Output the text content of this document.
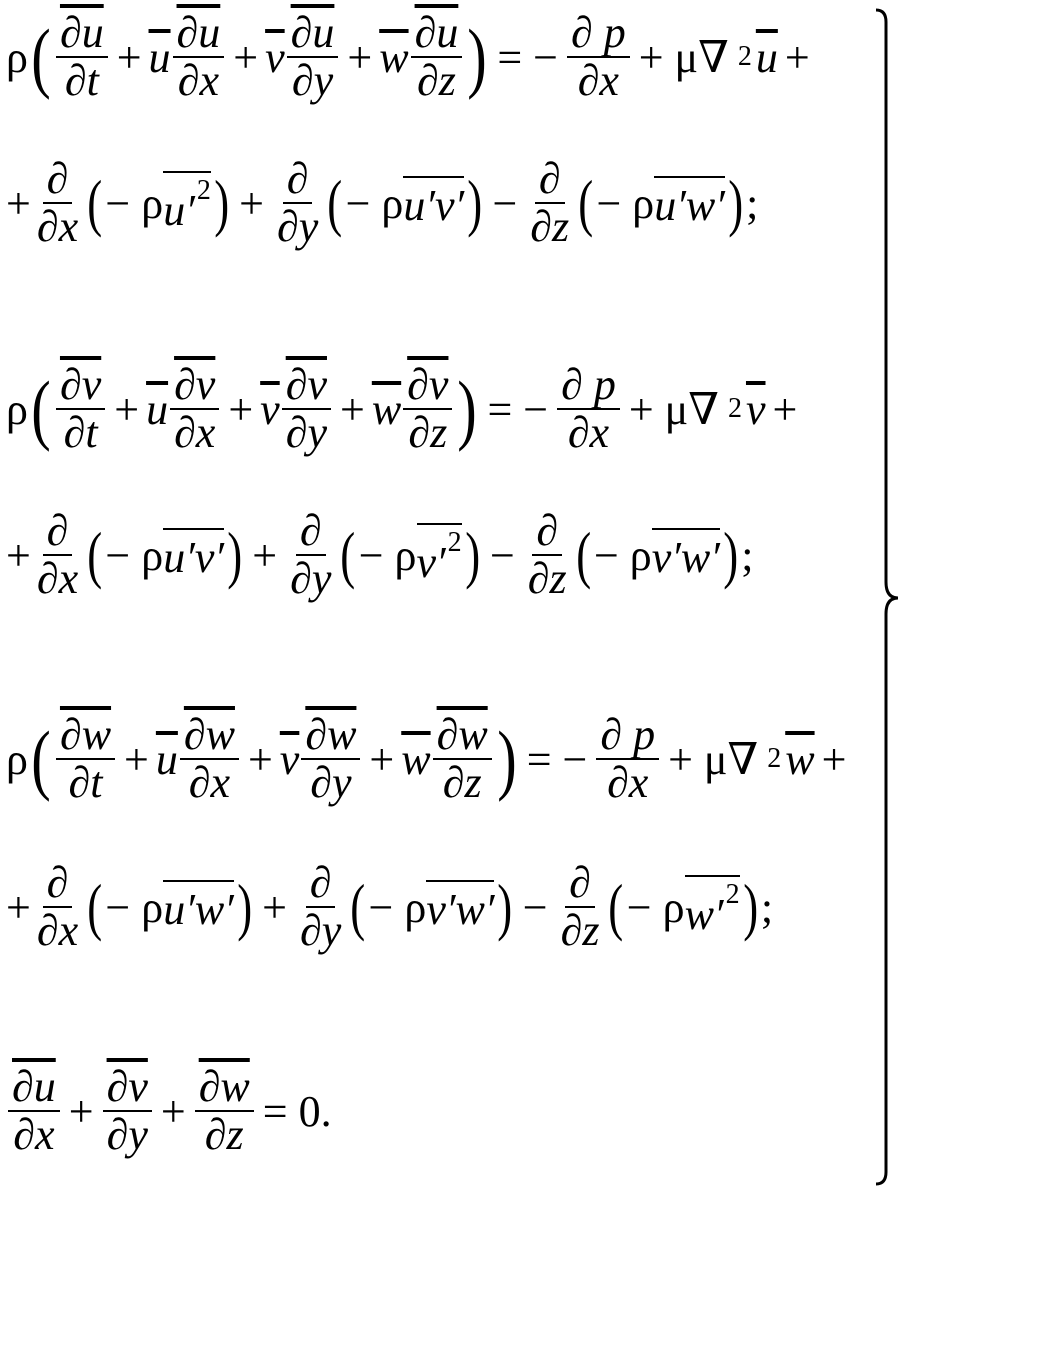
ρ ( $\frac{\partial u}{\partial t} + \overline{u} \frac{\partial u}{\partial x} + \overline{v} \frac{\partial u}{\partial y} + \overline{w} \frac{\partial u}{\partial z}$ ) = − $\frac{\partial p}{\partial x} + \mu\nabla$ 2 $\overline{u}$ +
+ $\frac{\partial}{\partial x}$ ( − ρ $u'^2$ ) + $\frac{\partial}{\partial y}$ ( − ρ u′v′ ) − $\frac{\partial}{\partial z}$ ( − ρ u′w′ ) ;
ρ ( $\frac{\partial v}{\partial t} + \overline{u} \frac{\partial v}{\partial x} + \overline{v} \frac{\partial v}{\partial y} + \overline{w} \frac{\partial v}{\partial z}$ ) = − $\frac{\partial p}{\partial x} + \mu\nabla$ 2 $\overline{v}$ +
+ $\frac{\partial}{\partial x}$ ( − ρ u′v′ ) + $\frac{\partial}{\partial y}$ ( − ρ $v'^2$ ) − $\frac{\partial}{\partial z}$ ( − ρ v′w′ ) ;
ρ ( $\frac{\partial w}{\partial t} + \overline{u} \frac{\partial w}{\partial x} + \overline{v} \frac{\partial w}{\partial y} + \overline{w} \frac{\partial w}{\partial z}$ ) = − $\frac{\partial p}{\partial x} + \mu\nabla$ 2 $\overline{w}$ +
+ $\frac{\partial}{\partial x}$ ( − ρ u′w′ ) + $\frac{\partial}{\partial y}$ ( − ρ v′w′ ) − $\frac{\partial}{\partial z}$ ( − ρ $w'^2$ ) ;
$\frac{\partial u}{\partial x} + \frac{\partial v}{\partial y} + \frac{\partial w}{\partial z} = 0$.
